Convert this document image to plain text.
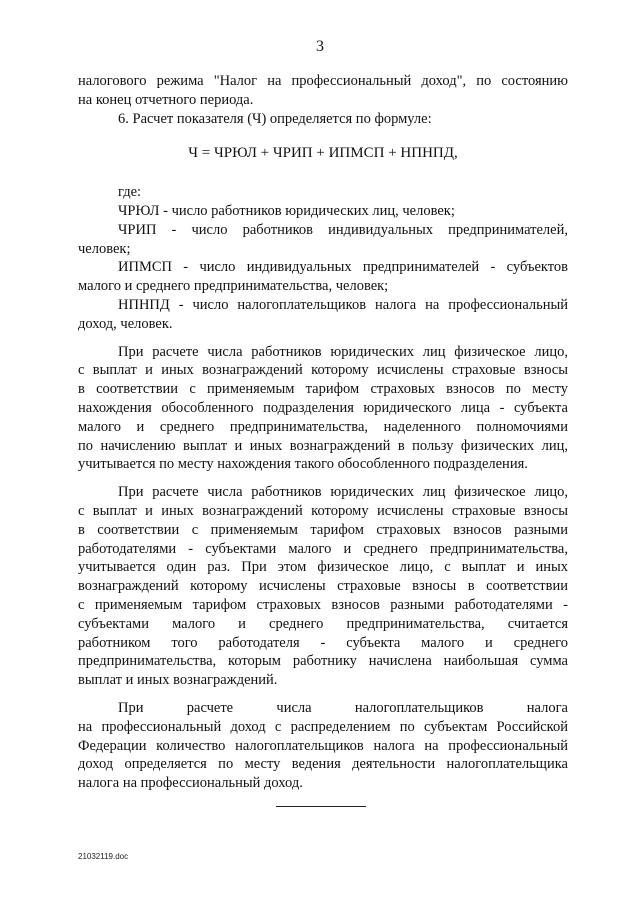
3

налогового режима "Налог на профессиональный доход", по состоянию

на конец отчетного периода.

6. Расчет показателя (Ч) определяется по формуле:

Ч = ЧРЮЛ + ЧРИП + ИПМСП + НПНПД,

где:

ЧРЮЛ - число работников юридических лиц, человек;

ЧРИП - число работников индивидуальных предпринимателей,

человек;

ИПМСП - число индивидуальных предпринимателей - субъектов

малого и среднего предпринимательства, человек;

НПНПД - число налогоплательщиков налога на профессиональный

доход, человек.

При расчете числа работников юридических лиц физическое лицо,

с выплат и иных вознаграждений которому исчислены страховые взносы

в соответствии с применяемым тарифом страховых взносов по месту

нахождения обособленного подразделения юридического лица - субъекта

малого и среднего предпринимательства, наделенного полномочиями

по начислению выплат и иных вознаграждений в пользу физических лиц,

учитывается по месту нахождения такого обособленного подразделения.

При расчете числа работников юридических лиц физическое лицо,

с выплат и иных вознаграждений которому исчислены страховые взносы

в соответствии с применяемым тарифом страховых взносов разными

работодателями - субъектами малого и среднего предпринимательства,

учитывается один раз. При этом физическое лицо, с выплат и иных

вознаграждений которому исчислены страховые взносы в соответствии

с применяемым тарифом страховых взносов разными работодателями -

субъектами малого и среднего предпринимательства, считается

работником того работодателя - субъекта малого и среднего

предпринимательства, которым работнику начислена наибольшая сумма

выплат и иных вознаграждений.

При расчете числа налогоплательщиков налога

на профессиональный доход с распределением по субъектам Российской

Федерации количество налогоплательщиков налога на профессиональный

доход определяется по месту ведения деятельности налогоплательщика

налога на профессиональный доход.

21032119.doc
